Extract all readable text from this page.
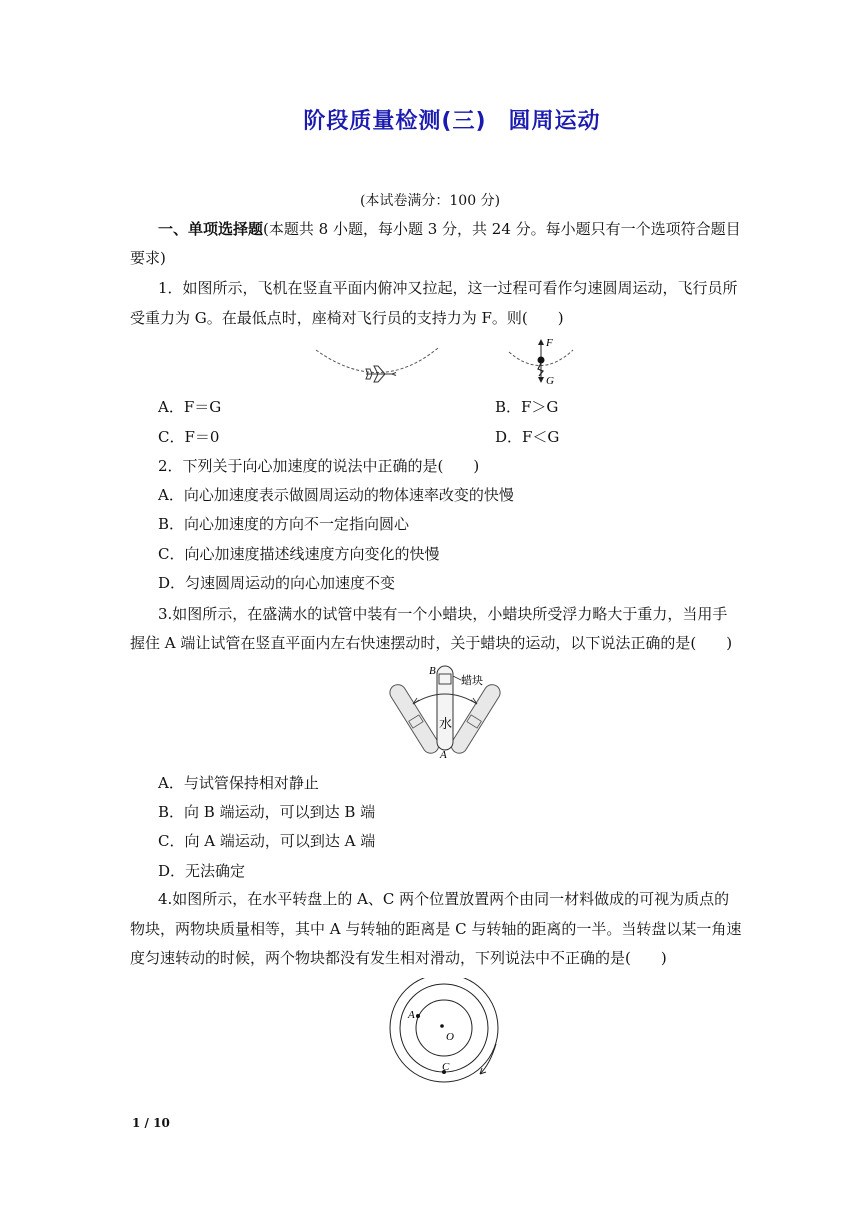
阶段质量检测(三) 圆周运动
(本试卷满分：100 分)
一、单项选择题(本题共 8 小题，每小题 3 分，共 24 分。每小题只有一个选项符合题目
要求)
1．如图所示，飞机在竖直平面内俯冲又拉起，这一过程可看作匀速圆周运动，飞行员所
受重力为 G。在最低点时，座椅对飞行员的支持力为 F。则(　　)
F
G
A．F＝G	B．F＞G
C．F＝0	D．F＜G
2．下列关于向心加速度的说法中正确的是(　　)
A．向心加速度表示做圆周运动的物体速率改变的快慢
B．向心加速度的方向不一定指向圆心
C．向心加速度描述线速度方向变化的快慢
D．匀速圆周运动的向心加速度不变
3.如图所示，在盛满水的试管中装有一个小蜡块，小蜡块所受浮力略大于重力，当用手
握住 A 端让试管在竖直平面内左右快速摆动时，关于蜡块的运动，以下说法正确的是(　　)
B
蜡块
水
A
A．与试管保持相对静止
B．向 B 端运动，可以到达 B 端
C．向 A 端运动，可以到达 A 端
D．无法确定
4.如图所示，在水平转盘上的 A、C 两个位置放置两个由同一材料做成的可视为质点的
物块，两物块质量相等，其中 A 与转轴的距离是 C 与转轴的距离的一半。当转盘以某一角速
度匀速转动的时候，两个物块都没有发生相对滑动，下列说法中不正确的是(　　)
A
O
C
1 / 10
